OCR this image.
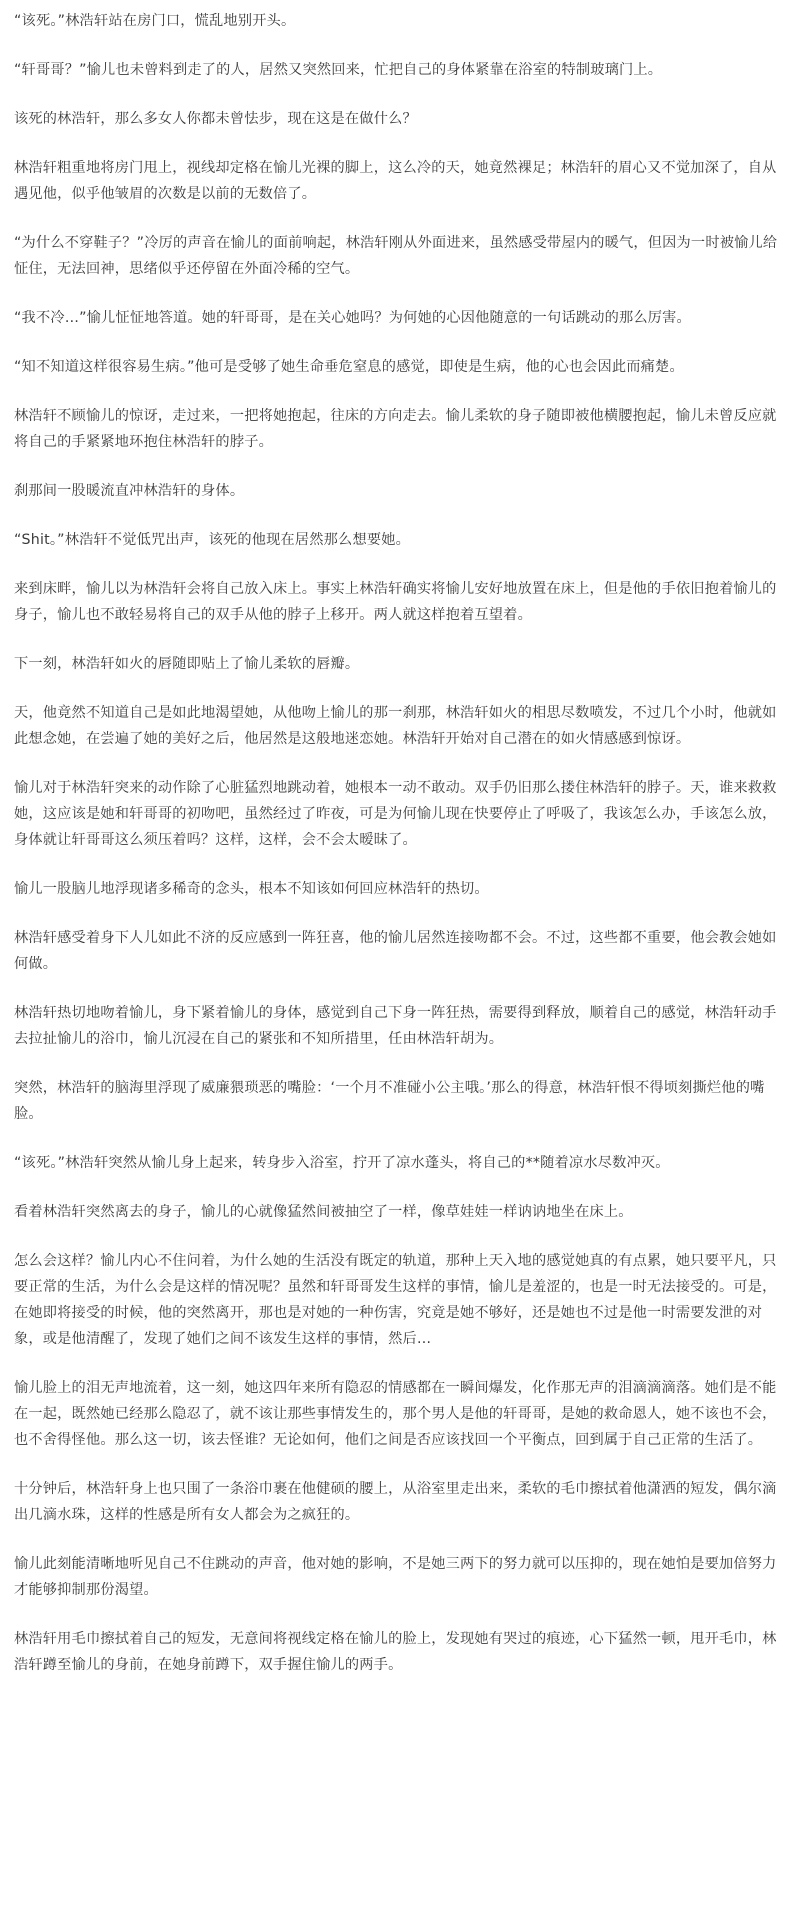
“该死。”林浩轩站在房门口，慌乱地别开头。

“轩哥哥？”愉儿也未曾料到走了的人，居然又突然回来，忙把自己的身体紧靠在浴室的特制玻璃门上。

该死的林浩轩，那么多女人你都未曾怯步，现在这是在做什么？

林浩轩粗重地将房门甩上，视线却定格在愉儿光裸的脚上，这么冷的天，她竟然裸足；林浩轩的眉心又不觉加深了，自从遇见他，似乎他皱眉的次数是以前的无数倍了。

“为什么不穿鞋子？”冷厉的声音在愉儿的面前响起，林浩轩刚从外面进来，虽然感受带屋内的暖气，但因为一时被愉儿给怔住，无法回神，思绪似乎还停留在外面冷稀的空气。

“我不冷…”愉儿怔怔地答道。她的轩哥哥，是在关心她吗？为何她的心因他随意的一句话跳动的那么厉害。

“知不知道这样很容易生病。”他可是受够了她生命垂危窒息的感觉，即使是生病，他的心也会因此而痛楚。

林浩轩不顾愉儿的惊讶，走过来，一把将她抱起，往床的方向走去。愉儿柔软的身子随即被他横腰抱起，愉儿未曾反应就将自己的手紧紧地环抱住林浩轩的脖子。

刹那间一股暖流直冲林浩轩的身体。

“Shit。”林浩轩不觉低咒出声，该死的他现在居然那么想要她。

来到床畔，愉儿以为林浩轩会将自己放入床上。事实上林浩轩确实将愉儿安好地放置在床上，但是他的手依旧抱着愉儿的身子，愉儿也不敢轻易将自己的双手从他的脖子上移开。两人就这样抱着互望着。

下一刻，林浩轩如火的唇随即贴上了愉儿柔软的唇瓣。

天，他竟然不知道自己是如此地渴望她，从他吻上愉儿的那一刹那，林浩轩如火的相思尽数喷发，不过几个小时，他就如此想念她，在尝遍了她的美好之后，他居然是这般地迷恋她。林浩轩开始对自己潜在的如火情感感到惊讶。

愉儿对于林浩轩突来的动作除了心脏猛烈地跳动着，她根本一动不敢动。双手仍旧那么搂住林浩轩的脖子。天，谁来救救她，这应该是她和轩哥哥的初吻吧，虽然经过了昨夜，可是为何愉儿现在快要停止了呼吸了，我该怎么办，手该怎么放，身体就让轩哥哥这么须压着吗？这样，这样，会不会太暧昧了。

愉儿一股脑儿地浮现诸多稀奇的念头，根本不知该如何回应林浩轩的热切。

林浩轩感受着身下人儿如此不济的反应感到一阵狂喜，他的愉儿居然连接吻都不会。不过，这些都不重要，他会教会她如何做。

林浩轩热切地吻着愉儿，身下紧着愉儿的身体，感觉到自己下身一阵狂热，需要得到释放，顺着自己的感觉，林浩轩动手去拉扯愉儿的浴巾，愉儿沉浸在自己的紧张和不知所措里，任由林浩轩胡为。

突然，林浩轩的脑海里浮现了威廉猥琐恶的嘴脸：‘一个月不准碰小公主哦。’那么的得意，林浩轩恨不得顷刻撕烂他的嘴脸。

“该死。”林浩轩突然从愉儿身上起来，转身步入浴室，拧开了凉水蓬头，将自己的**随着凉水尽数冲灭。

看着林浩轩突然离去的身子，愉儿的心就像猛然间被抽空了一样，像草娃娃一样讷讷地坐在床上。

怎么会这样？愉儿内心不住问着，为什么她的生活没有既定的轨道，那种上天入地的感觉她真的有点累，她只要平凡，只要正常的生活，为什么会是这样的情况呢？虽然和轩哥哥发生这样的事情，愉儿是羞涩的，也是一时无法接受的。可是，在她即将接受的时候，他的突然离开，那也是对她的一种伤害，究竟是她不够好，还是她也不过是他一时需要发泄的对象，或是他清醒了，发现了她们之间不该发生这样的事情，然后…

愉儿脸上的泪无声地流着，这一刻，她这四年来所有隐忍的情感都在一瞬间爆发，化作那无声的泪滴滴滴落。她们是不能在一起，既然她已经那么隐忍了，就不该让那些事情发生的，那个男人是他的轩哥哥，是她的救命恩人，她不该也不会，也不舍得怪他。那么这一切，该去怪谁？无论如何，他们之间是否应该找回一个平衡点，回到属于自己正常的生活了。

十分钟后，林浩轩身上也只围了一条浴巾裹在他健硕的腰上，从浴室里走出来，柔软的毛巾擦拭着他潇洒的短发，偶尔滴出几滴水珠，这样的性感是所有女人都会为之疯狂的。

愉儿此刻能清晰地听见自己不住跳动的声音，他对她的影响，不是她三两下的努力就可以压抑的，现在她怕是要加倍努力才能够抑制那份渴望。

林浩轩用毛巾擦拭着自己的短发，无意间将视线定格在愉儿的脸上，发现她有哭过的痕迹，心下猛然一顿，甩开毛巾，林浩轩蹲至愉儿的身前，在她身前蹲下，双手握住愉儿的两手。
